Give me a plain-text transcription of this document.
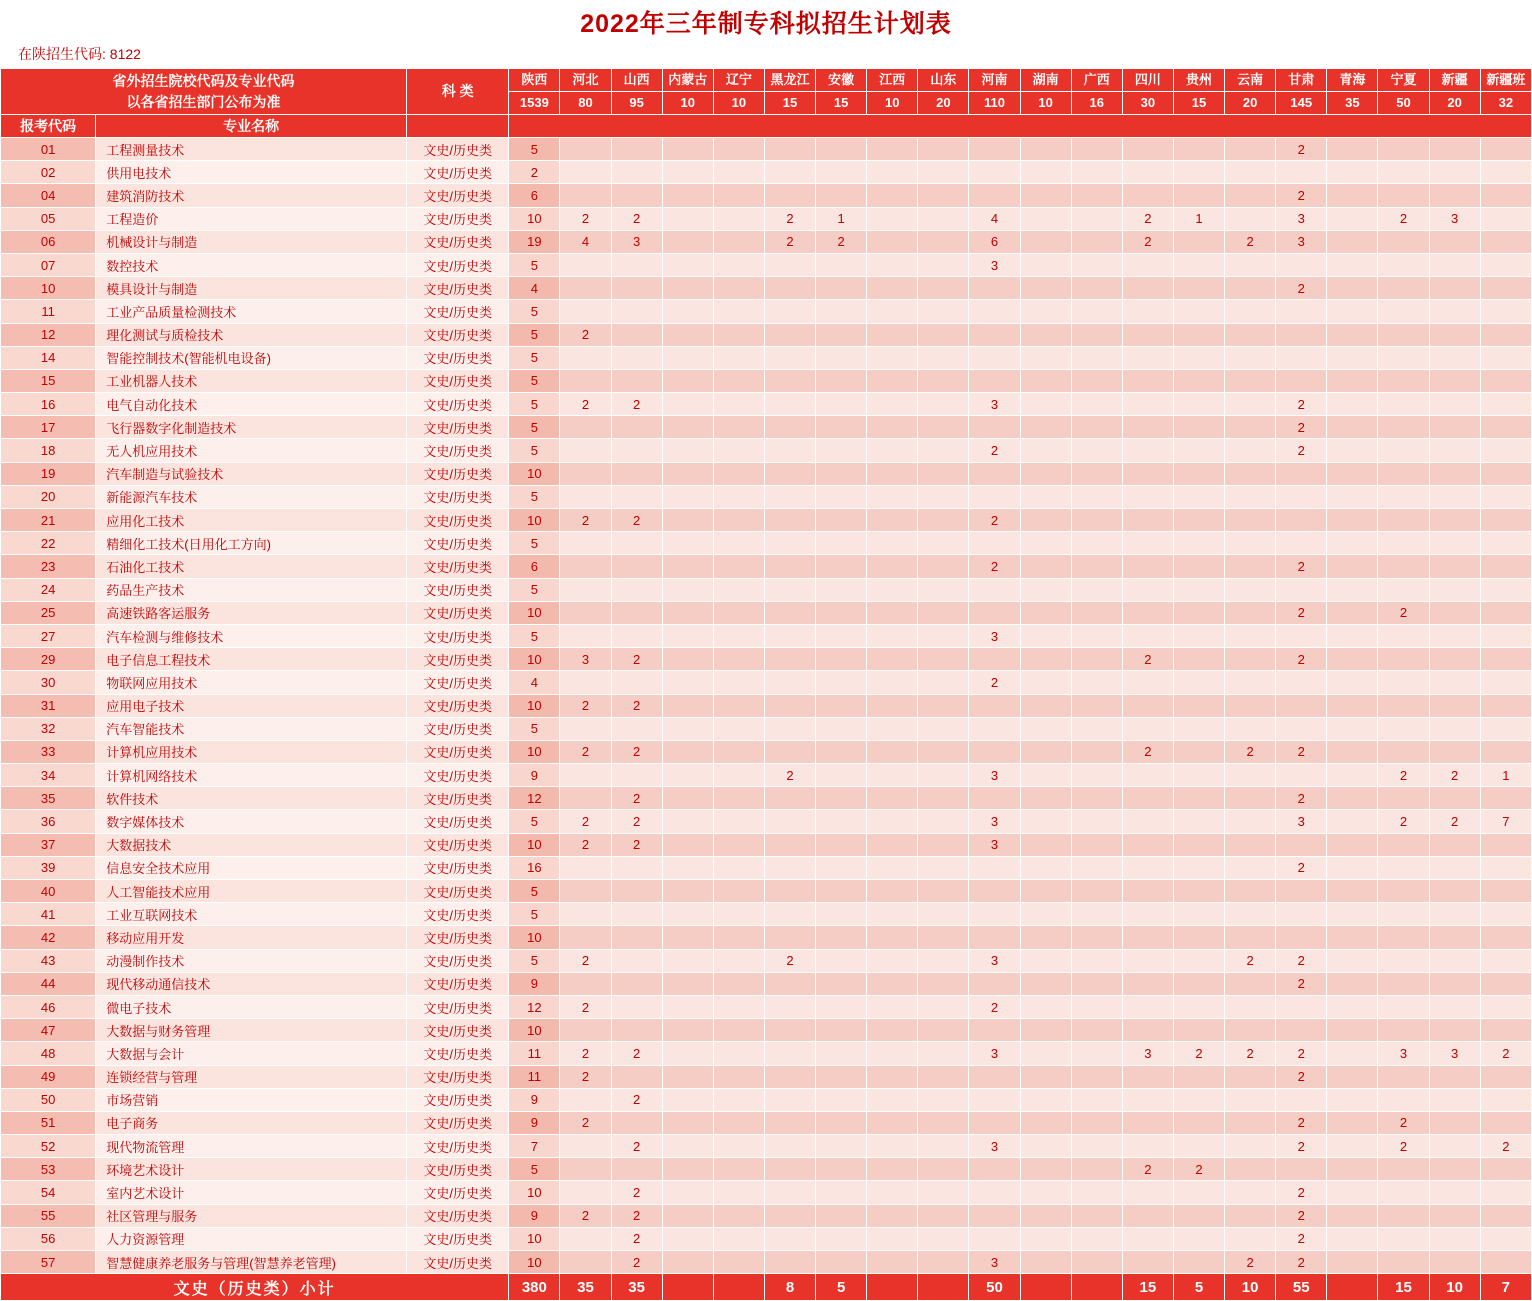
2022年三年制专科拟招生计划表
在陕招生代码: 8122
省外招生院校代码及专业代码
以各省招生部门公布为准		科 类	陕西	河北	山西	内蒙古	辽宁	黑龙江	安徽	江西	山东	河南	湖南	广西	四川	贵州	云南	甘肃	青海	宁夏	新疆	新疆班
			1539	80	95	10	10	15	15	10	20	110	10	16	30	15	20	145	35	50	20	32
报考代码	专业名称																					
01	工程测量技术	文史/历史类	5															2				
02	供用电技术	文史/历史类	2																			
04	建筑消防技术	文史/历史类	6															2				
05	工程造价	文史/历史类	10	2	2			2	1			4			2	1		3		2	3	
06	机械设计与制造	文史/历史类	19	4	3			2	2			6			2		2	3				
07	数控技术	文史/历史类	5									3										
10	模具设计与制造	文史/历史类	4															2				
11	工业产品质量检测技术	文史/历史类	5																			
12	理化测试与质检技术	文史/历史类	5	2																		
14	智能控制技术(智能机电设备)	文史/历史类	5																			
15	工业机器人技术	文史/历史类	5																			
16	电气自动化技术	文史/历史类	5	2	2							3						2				
17	飞行器数字化制造技术	文史/历史类	5															2				
18	无人机应用技术	文史/历史类	5									2						2				
19	汽车制造与试验技术	文史/历史类	10																			
20	新能源汽车技术	文史/历史类	5																			
21	应用化工技术	文史/历史类	10	2	2							2										
22	精细化工技术(日用化工方向)	文史/历史类	5																			
23	石油化工技术	文史/历史类	6									2						2				
24	药品生产技术	文史/历史类	5																			
25	高速铁路客运服务	文史/历史类	10															2		2		
27	汽车检测与维修技术	文史/历史类	5									3										
29	电子信息工程技术	文史/历史类	10	3	2										2			2				
30	物联网应用技术	文史/历史类	4									2										
31	应用电子技术	文史/历史类	10	2	2																	
32	汽车智能技术	文史/历史类	5																			
33	计算机应用技术	文史/历史类	10	2	2										2		2	2				
34	计算机网络技术	文史/历史类	9					2				3								2	2	1
35	软件技术	文史/历史类	12		2													2				
36	数字媒体技术	文史/历史类	5	2	2							3						3		2	2	7
37	大数据技术	文史/历史类	10	2	2							3										
39	信息安全技术应用	文史/历史类	16															2				
40	人工智能技术应用	文史/历史类	5																			
41	工业互联网技术	文史/历史类	5																			
42	移动应用开发	文史/历史类	10																			
43	动漫制作技术	文史/历史类	5	2				2				3					2	2				
44	现代移动通信技术	文史/历史类	9															2				
46	微电子技术	文史/历史类	12	2								2										
47	大数据与财务管理	文史/历史类	10																			
48	大数据与会计	文史/历史类	11	2	2							3			3	2	2	2		3	3	2
49	连锁经营与管理	文史/历史类	11	2														2				
50	市场营销	文史/历史类	9		2																	
51	电子商务	文史/历史类	9	2														2		2		
52	现代物流管理	文史/历史类	7		2							3						2		2		2
53	环境艺术设计	文史/历史类	5												2	2						
54	室内艺术设计	文史/历史类	10		2													2				
55	社区管理与服务	文史/历史类	9	2	2													2				
56	人力资源管理	文史/历史类	10		2													2				
57	智慧健康养老服务与管理(智慧养老管理)	文史/历史类	10		2							3					2	2				
文史（历史类）小计			380	35	35			8	5			50			15	5	10	55		15	10	7
